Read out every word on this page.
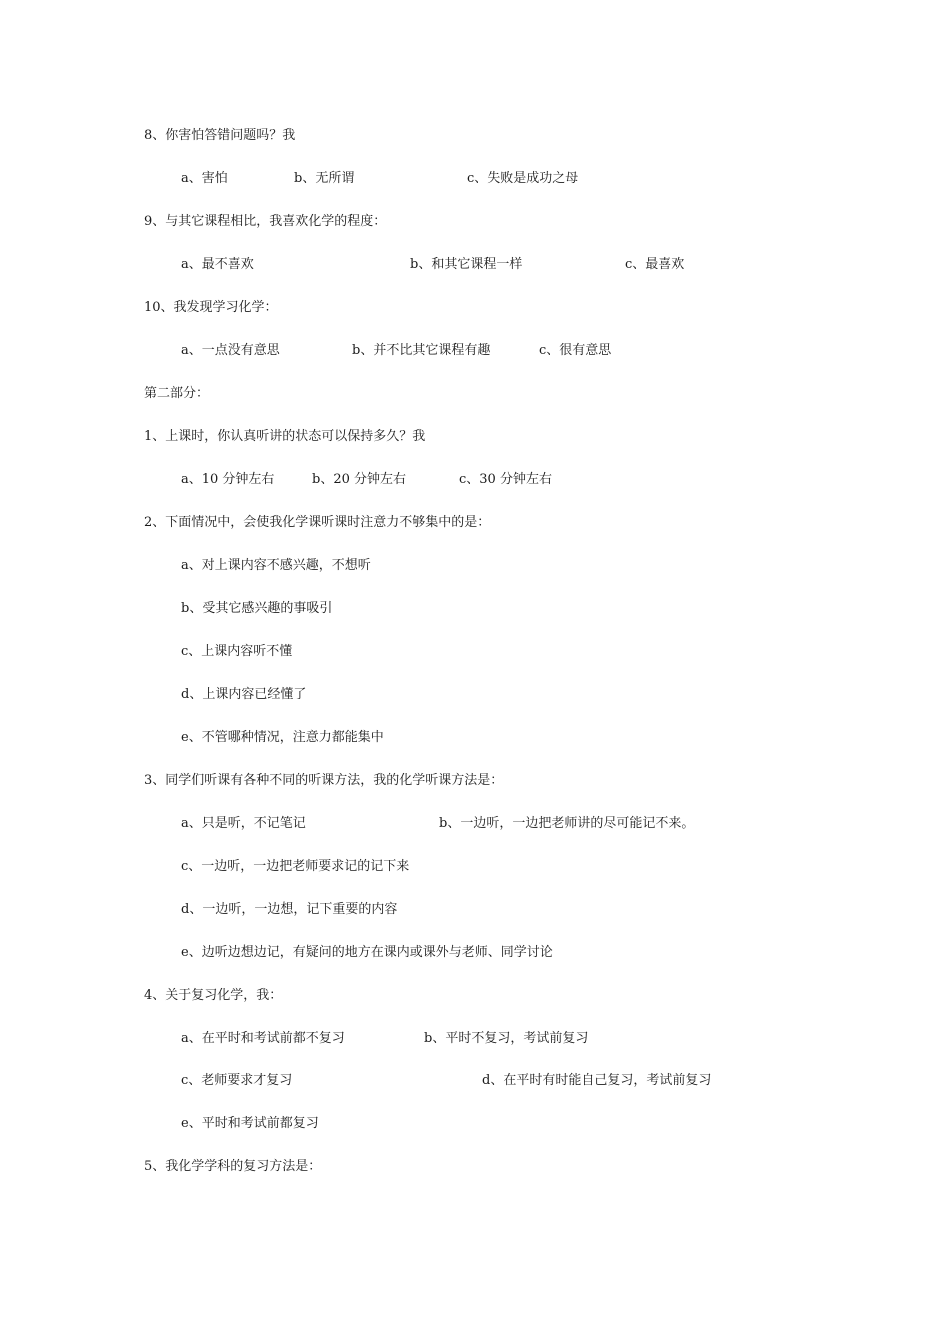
8、你害怕答错问题吗？我
a、害怕	b、无所谓	c、失败是成功之母
9、与其它课程相比，我喜欢化学的程度：
a、最不喜欢	b、和其它课程一样	c、最喜欢
10、我发现学习化学：
a、一点没有意思	b、并不比其它课程有趣	c、很有意思
第二部分：
1、上课时，你认真听讲的状态可以保持多久？我
a、10 分钟左右	b、20 分钟左右	c、30 分钟左右
2、下面情况中，会使我化学课听课时注意力不够集中的是：
a、对上课内容不感兴趣，不想听
b、受其它感兴趣的事吸引
c、上课内容听不懂
d、上课内容已经懂了
e、不管哪种情况，注意力都能集中
3、同学们听课有各种不同的听课方法，我的化学听课方法是：
a、只是听，不记笔记	b、一边听，一边把老师讲的尽可能记不来。
c、一边听，一边把老师要求记的记下来
d、一边听，一边想，记下重要的内容
e、边听边想边记，有疑问的地方在课内或课外与老师、同学讨论
4、关于复习化学，我：
a、在平时和考试前都不复习	b、平时不复习，考试前复习
c、老师要求才复习	d、在平时有时能自己复习，考试前复习
e、平时和考试前都复习
5、我化学学科的复习方法是：
